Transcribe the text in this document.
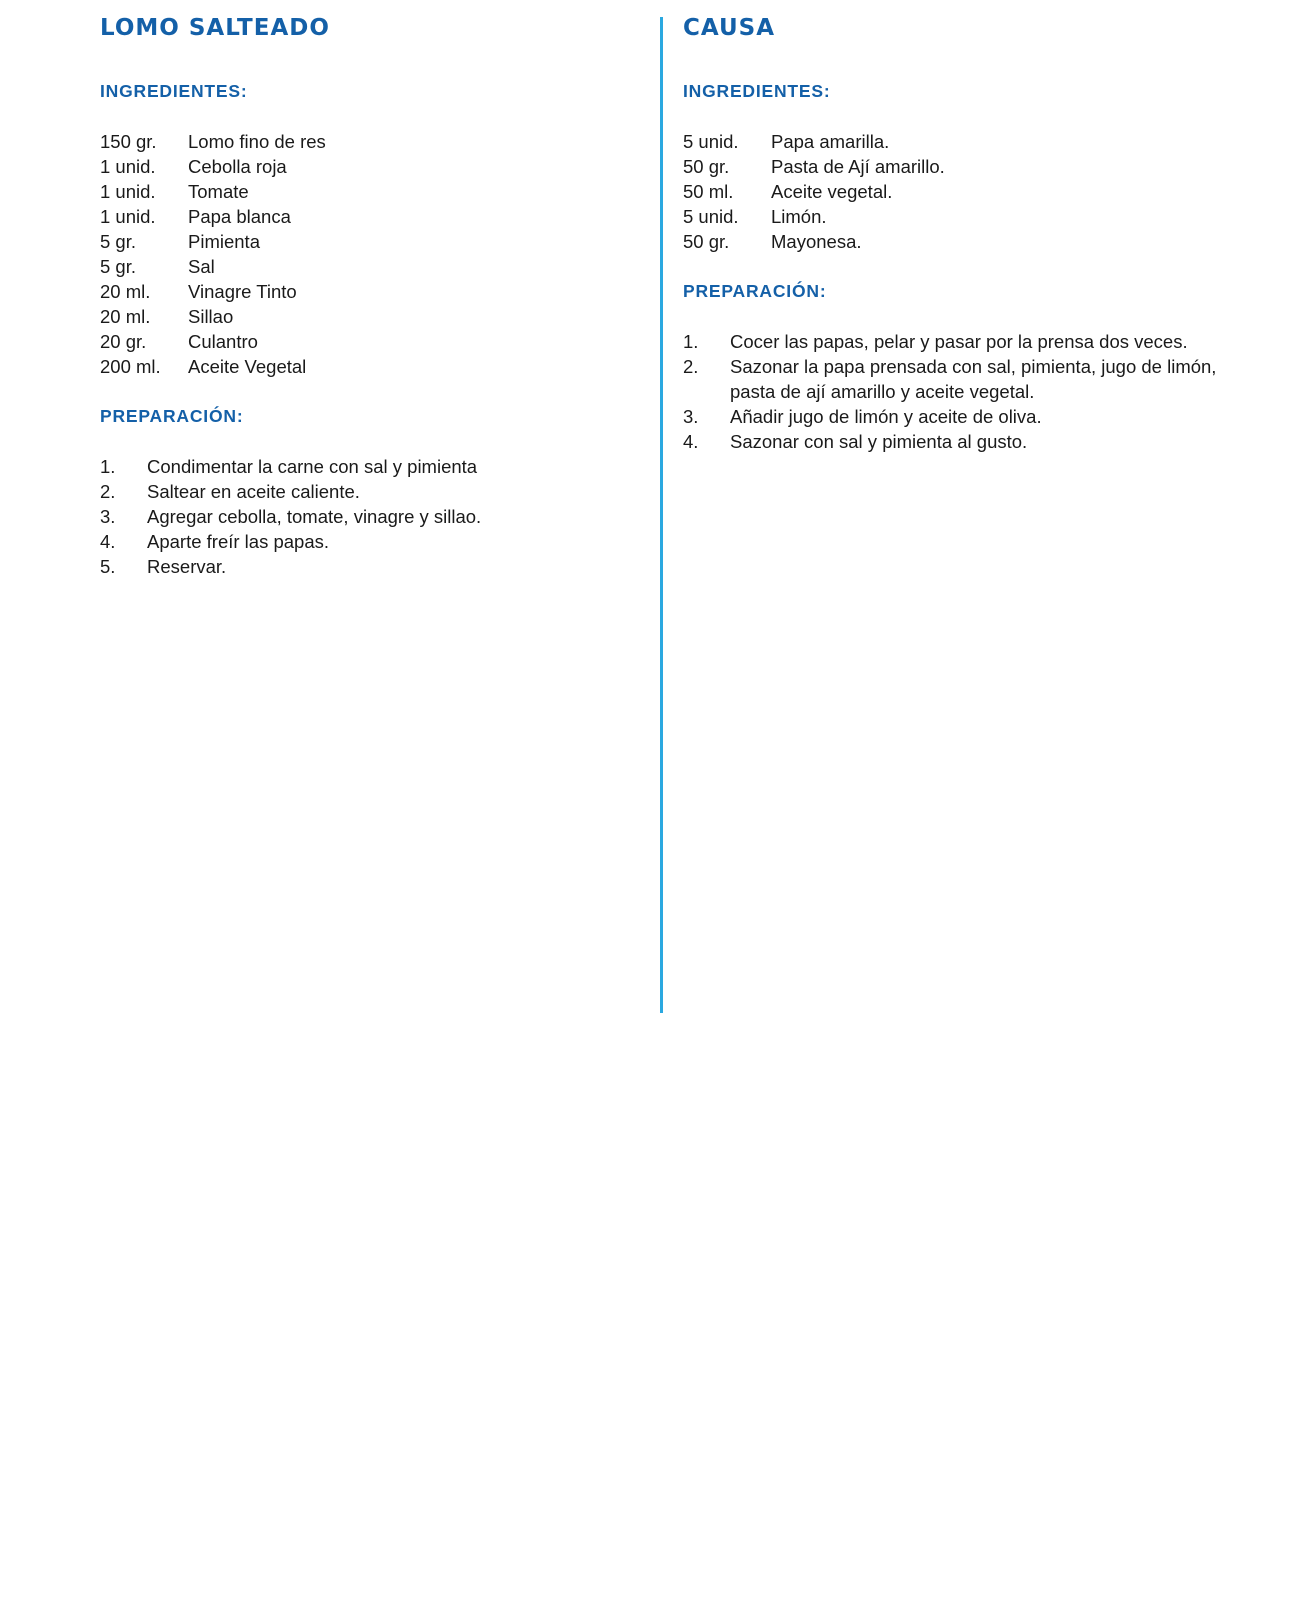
LOMO SALTEADO
INGREDIENTES:
150 gr.	Lomo fino de res
1 unid.	Cebolla roja
1 unid.	Tomate
1 unid.	Papa blanca
5 gr.	Pimienta
5 gr.	Sal
20 ml.	Vinagre Tinto
20 ml.	Sillao
20 gr.	Culantro
200 ml.	Aceite Vegetal
PREPARACIÓN:
1.	Condimentar la carne con sal y pimienta
2.	Saltear en aceite caliente.
3.	Agregar cebolla, tomate, vinagre y sillao.
4.	Aparte freír las papas.
5.	Reservar.
CAUSA
INGREDIENTES:
5 unid.	Papa amarilla.
50 gr.	Pasta de Ají amarillo.
50 ml.	Aceite vegetal.
5 unid.	Limón.
50 gr.	Mayonesa.
PREPARACIÓN:
1.	Cocer las papas, pelar y pasar por la prensa dos veces.
2.	Sazonar la papa prensada con sal, pimienta, jugo de limón, pasta de ají amarillo y aceite vegetal.
3.	Añadir jugo de limón y aceite de oliva.
4.	Sazonar con sal y pimienta al gusto.
